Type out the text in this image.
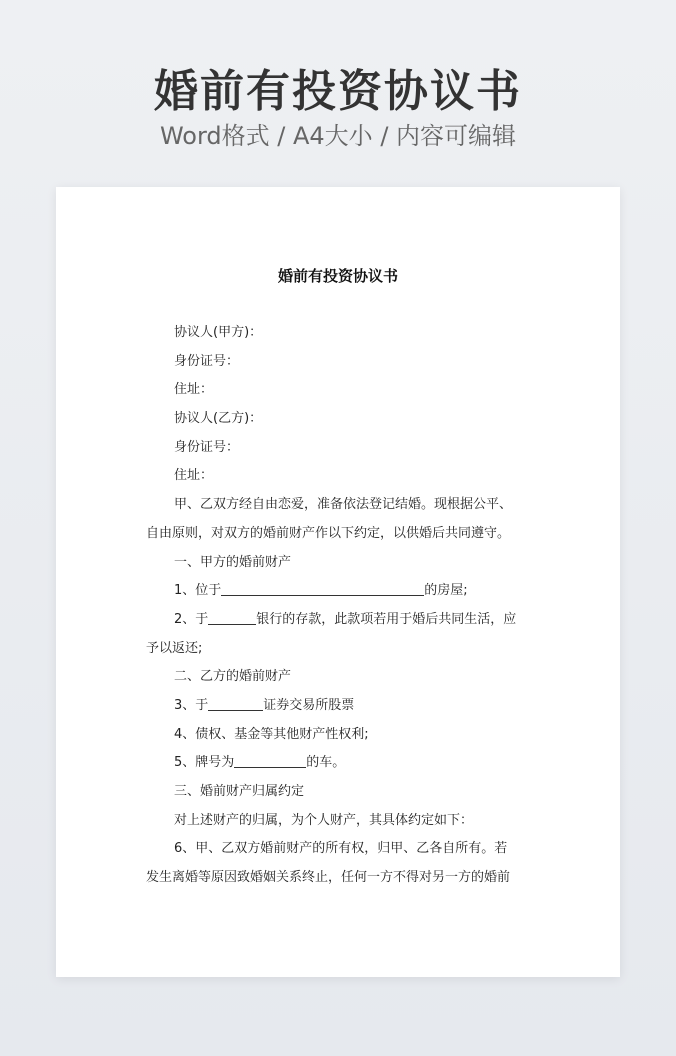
婚前有投资协议书
Word格式 / A4大小 / 内容可编辑
婚前有投资协议书
协议人(甲方)：
身份证号：
住址：
协议人(乙方)：
身份证号：
住址：
甲、乙双方经自由恋爱，准备依法登记结婚。现根据公平、
自由原则，对双方的婚前财产作以下约定，以供婚后共同遵守。
一、甲方的婚前财产
1、位于	的房屋;
2、于	银行的存款，此款项若用于婚后共同生活，应
予以返还;
二、乙方的婚前财产
3、于	证券交易所股票
4、债权、基金等其他财产性权利;
5、牌号为	的车。
三、婚前财产归属约定
对上述财产的归属，为个人财产，其具体约定如下：
6、甲、乙双方婚前财产的所有权，归甲、乙各自所有。若
发生离婚等原因致婚姻关系终止，任何一方不得对另一方的婚前
